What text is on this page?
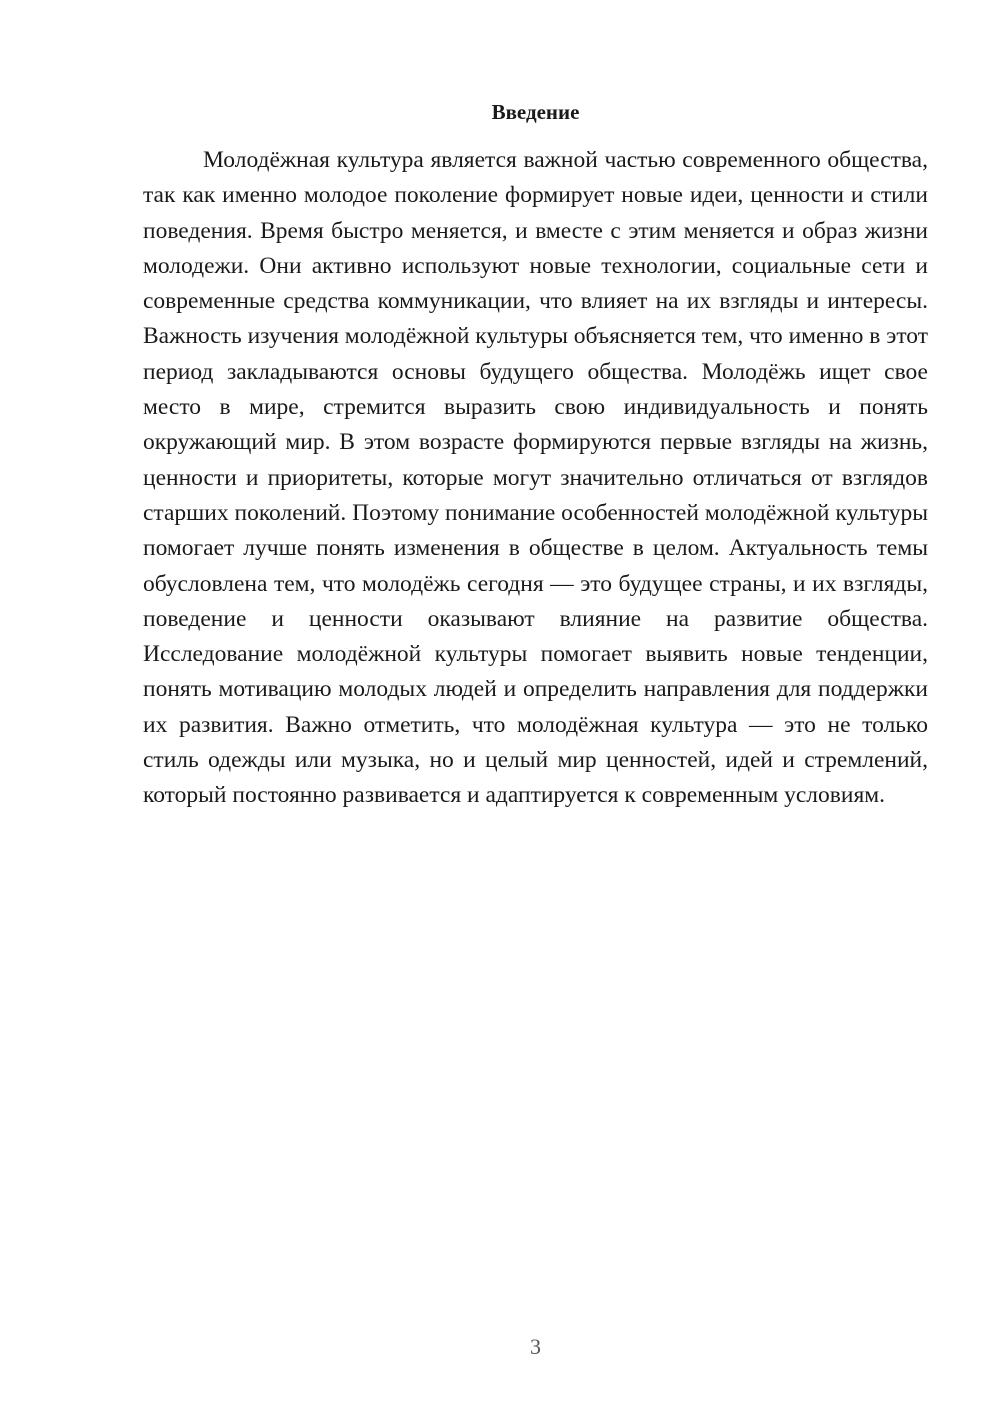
Введение

Молодёжная культура является важной частью современного общества, так как именно молодое поколение формирует новые идеи, ценности и стили поведения. Время быстро меняется, и вместе с этим меняется и образ жизни молодежи. Они активно используют новые технологии, социальные сети и современные средства коммуникации, что влияет на их взгляды и интересы. Важность изучения молодёжной культуры объясняется тем, что именно в этот период закладываются основы будущего общества. Молодёжь ищет свое место в мире, стремится выразить свою индивидуальность и понять окружающий мир. В этом возрасте формируются первые взгляды на жизнь, ценности и приоритеты, которые могут значительно отличаться от взглядов старших поколений. Поэтому понимание особенностей молодёжной культуры помогает лучше понять изменения в обществе в целом. Актуальность темы обусловлена тем, что молодёжь сегодня — это будущее страны, и их взгляды, поведение и ценности оказывают влияние на развитие общества. Исследование молодёжной культуры помогает выявить новые тенденции, понять мотивацию молодых людей и определить направления для поддержки их развития. Важно отметить, что молодёжная культура — это не только стиль одежды или музыка, но и целый мир ценностей, идей и стремлений, который постоянно развивается и адаптируется к современным условиям.

3
